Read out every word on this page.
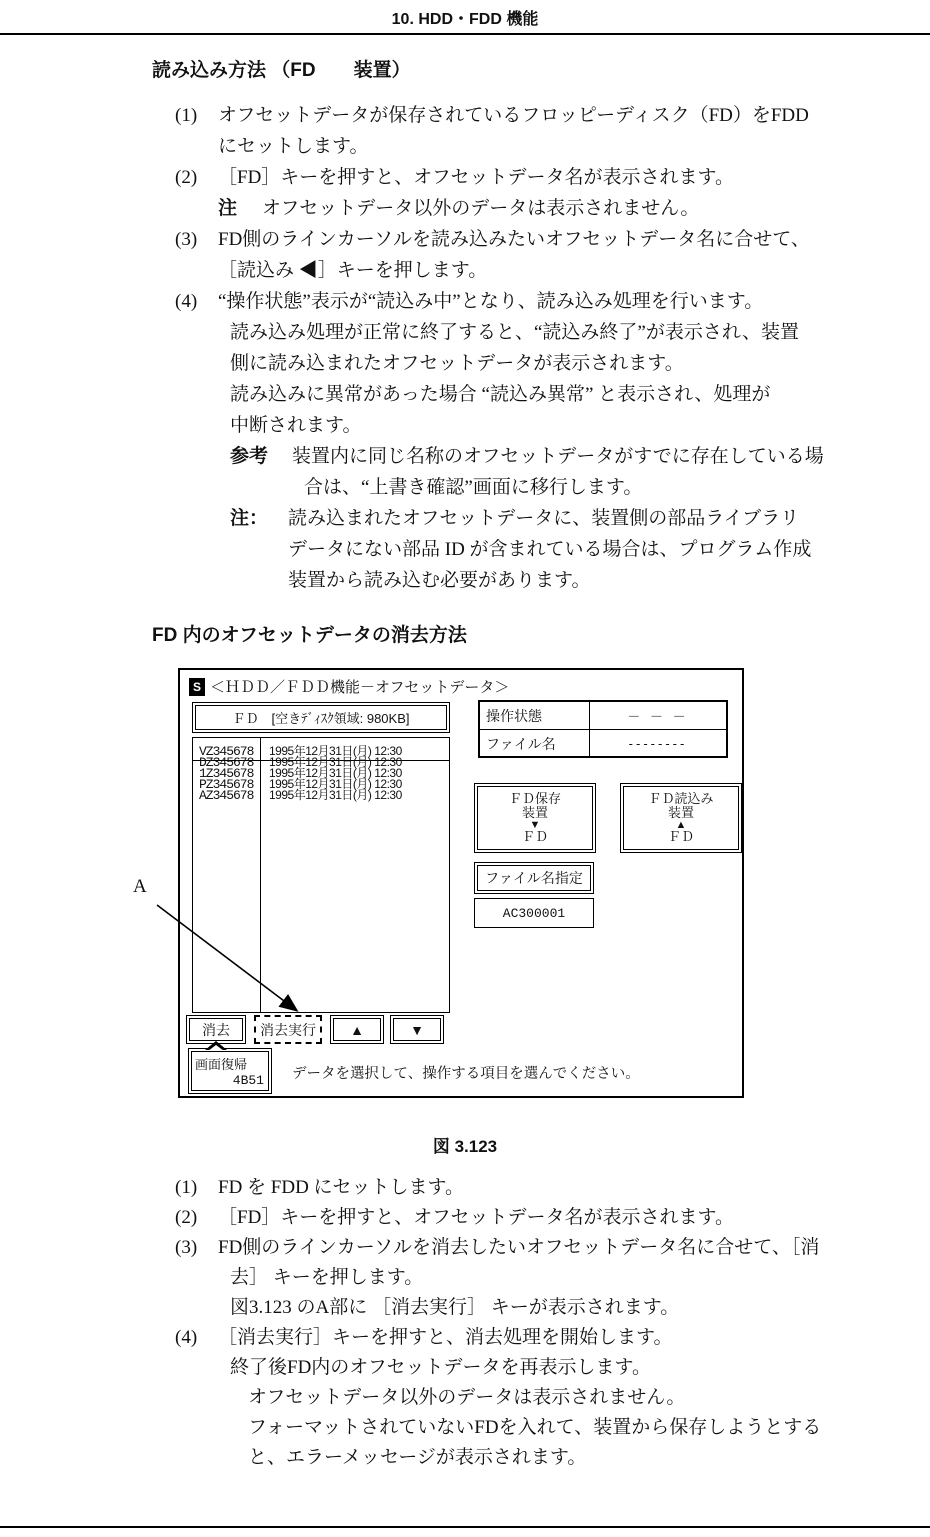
10. HDD・FDD 機能
読み込み方法 （FD　　装置）
(1) オフセットデータが保存されているフロッピーディスク（FD）をFDD
にセットします。
(2) ［FD］キーを押すと、オフセットデータ名が表示されます。
注 オフセットデータ以外のデータは表示されません。
(3) FD側のラインカーソルを読み込みたいオフセットデータ名に合せて、
［読込み ◀］キーを押します。
(4) “操作状態”表示が“読込み中”となり、読み込み処理を行います。
読み込み処理が正常に終了すると、“読込み終了”が表示され、装置
側に読み込まれたオフセットデータが表示されます。
読み込みに異常があった場合 “読込み異常” と表示され、処理が
中断されます。
参考 装置内に同じ名称のオフセットデータがすでに存在している場
合は、“上書き確認”画面に移行します。
注： 読み込まれたオフセットデータに、装置側の部品ライブラリ
データにない部品 ID が含まれている場合は、プログラム作成
装置から読み込む必要があります。
FD 内のオフセットデータの消去方法
S ＜ＨＤＤ／ＦＤＤ機能－オフセットデータ＞
ＦＤ　[空きﾃﾞｨｽｸ領域: 980KB]
VZ345678 1995年12月31日(月) 12:30
DZ345678 1995年12月31日(月) 12:30
1Z345678 1995年12月31日(月) 12:30
PZ345678 1995年12月31日(月) 12:30
AZ345678 1995年12月31日(月) 12:30
操作状態	－ － －
ファイル名	--------
ＦＤ保存
装置
▼
ＦＤ
ＦＤ読込み
装置
▲
ＦＤ
ファイル名指定
AC300001
消去	消去実行	▲	▼
画面復帰
4B51 データを選択して、操作する項目を選んでください。
A
図 3.123
(1) FD を FDD にセットします。
(2) ［FD］キーを押すと、オフセットデータ名が表示されます。
(3) FD側のラインカーソルを消去したいオフセットデータ名に合せて、［消
去］ キーを押します。
図3.123 のA部に ［消去実行］ キーが表示されます。
(4) ［消去実行］キーを押すと、消去処理を開始します。
終了後FD内のオフセットデータを再表示します。
オフセットデータ以外のデータは表示されません。
フォーマットされていないFDを入れて、装置から保存しようとする
と、エラーメッセージが表示されます。
